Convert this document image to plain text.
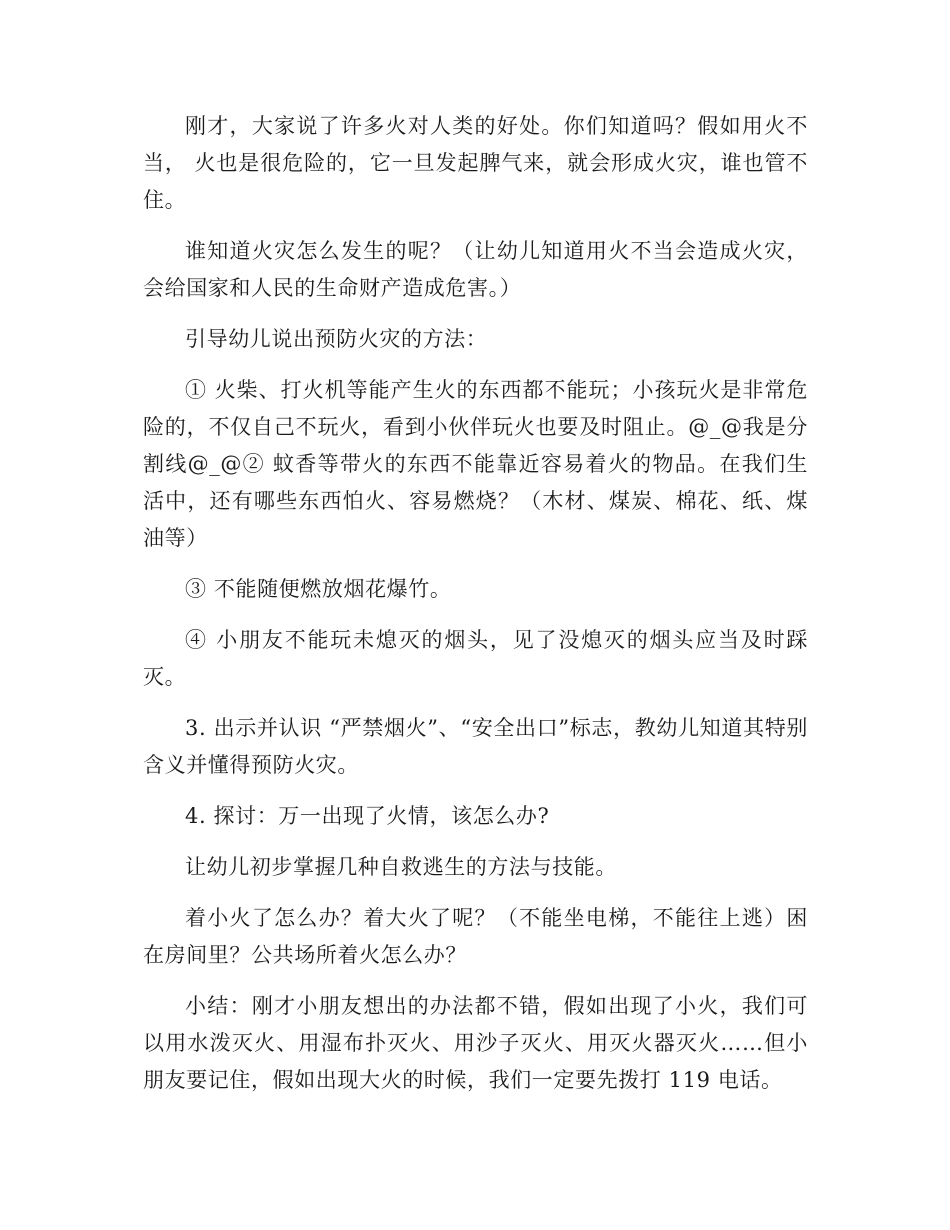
刚才，大家说了许多火对人类的好处。你们知道吗？假如用火不当， 火也是很危险的，它一旦发起脾气来，就会形成火灾，谁也管不住。

谁知道火灾怎么发生的呢？（让幼儿知道用火不当会造成火灾，会给国家和人民的生命财产造成危害。）

引导幼儿说出预防火灾的方法：

① 火柴、打火机等能产生火的东西都不能玩；小孩玩火是非常危险的，不仅自己不玩火，看到小伙伴玩火也要及时阻止。@_@我是分割线@_@② 蚊香等带火的东西不能靠近容易着火的物品。在我们生活中，还有哪些东西怕火、容易燃烧？（木材、煤炭、棉花、纸、煤油等）

③ 不能随便燃放烟花爆竹。

④ 小朋友不能玩未熄灭的烟头，见了没熄灭的烟头应当及时踩灭。

3. 出示并认识 “严禁烟火”、“安全出口”标志，教幼儿知道其特别含义并懂得预防火灾。

4. 探讨：万一出现了火情，该怎么办?

让幼儿初步掌握几种自救逃生的方法与技能。

着小火了怎么办？着大火了呢？（不能坐电梯，不能往上逃）困在房间里？公共场所着火怎么办？

小结：刚才小朋友想出的办法都不错，假如出现了小火，我们可以用水泼灭火、用湿布扑灭火、用沙子灭火、用灭火器灭火……但小朋友要记住，假如出现大火的时候，我们一定要先拨打 119 电话。
